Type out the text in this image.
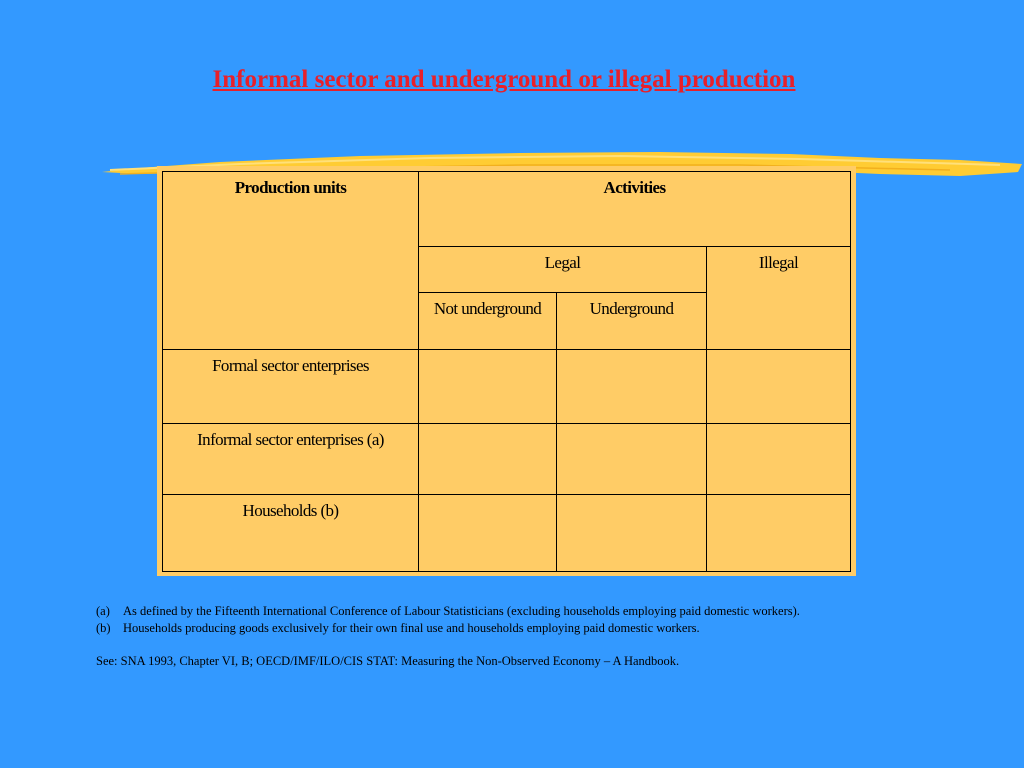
Informal sector and underground or illegal production
Production units	Activities		
	Legal		Illegal
	Not underground	Underground	
Formal sector enterprises			
Informal sector enterprises (a)			
Households (b)			
(a) As defined by the Fifteenth International Conference of Labour Statisticians (excluding households employing paid domestic workers).
(b) Households producing goods exclusively for their own final use and households employing paid domestic workers.
See: SNA 1993, Chapter VI, B; OECD/IMF/ILO/CIS STAT: Measuring the Non-Observed Economy – A Handbook.
